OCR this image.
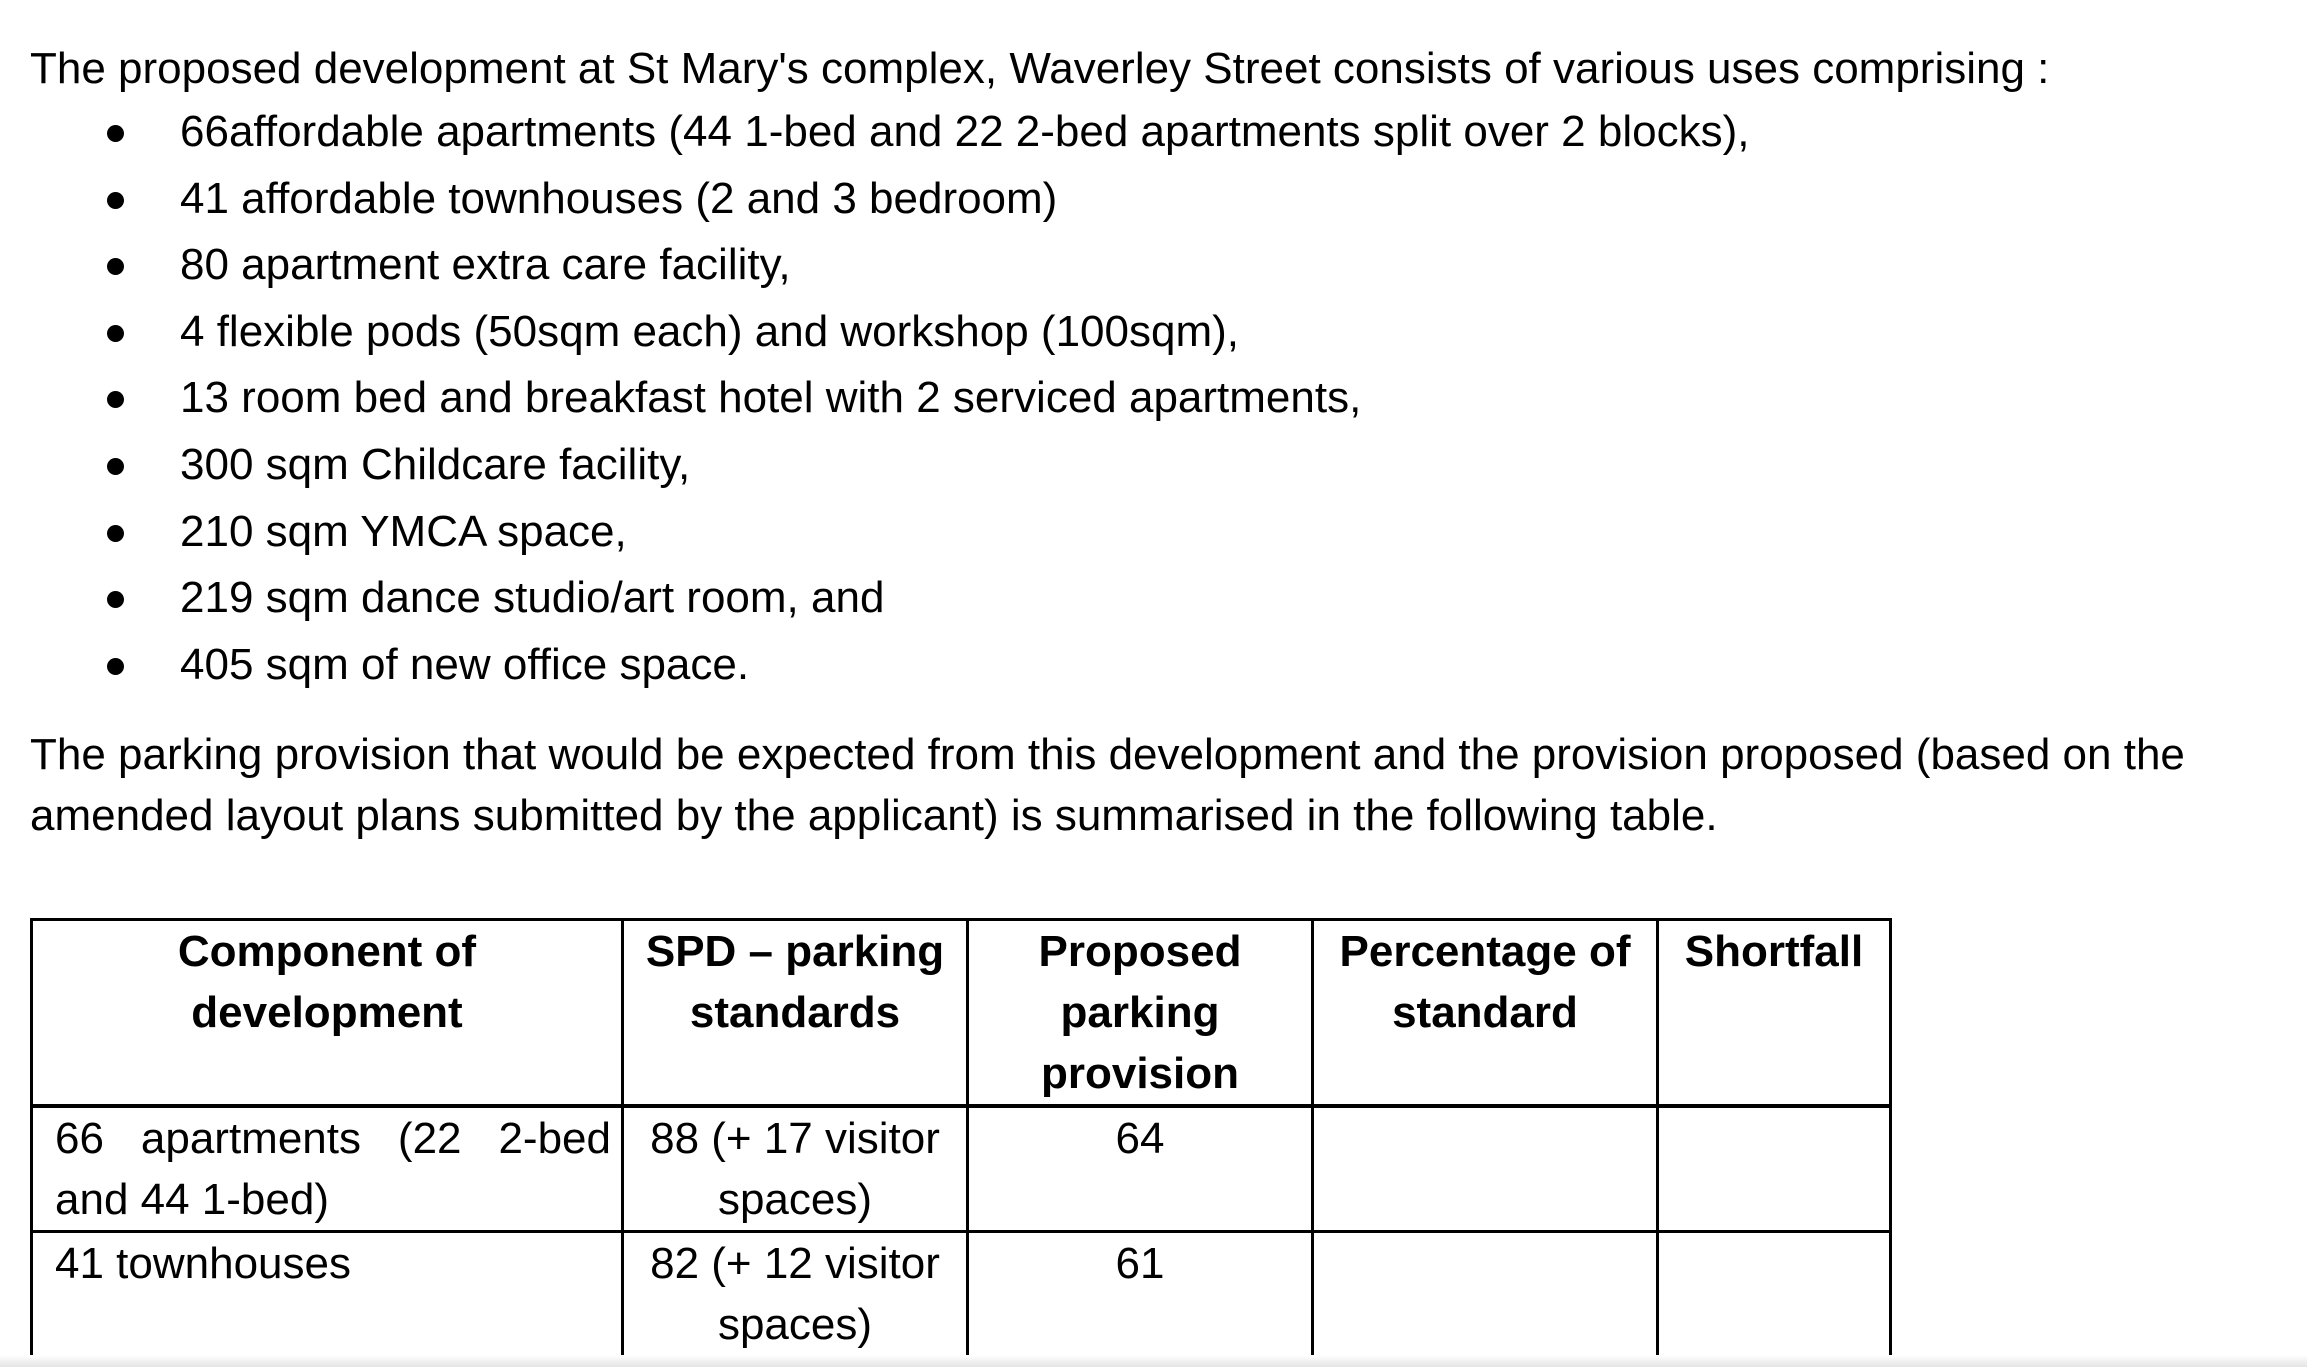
The proposed development at St Mary's complex, Waverley Street consists of various uses comprising :

66affordable apartments (44 1-bed and 22 2-bed apartments split over 2 blocks),
41 affordable townhouses (2 and 3 bedroom)
80 apartment extra care facility,
4 flexible pods (50sqm each) and workshop (100sqm),
13 room bed and breakfast hotel with 2 serviced apartments,
300 sqm Childcare facility,
210 sqm YMCA space,
219 sqm dance studio/art room, and
405 sqm of new office space.

The parking provision that would be expected from this development and the provision proposed (based on the amended layout plans submitted by the applicant) is summarised in the following table.

Component of development	SPD – parking standards	Proposed parking provision	Percentage of standard	Shortfall
66 apartments (22 2-bed and 44 1-bed)	88 (+ 17 visitor spaces)	64		
41 townhouses	82 (+ 12 visitor spaces)	61		
